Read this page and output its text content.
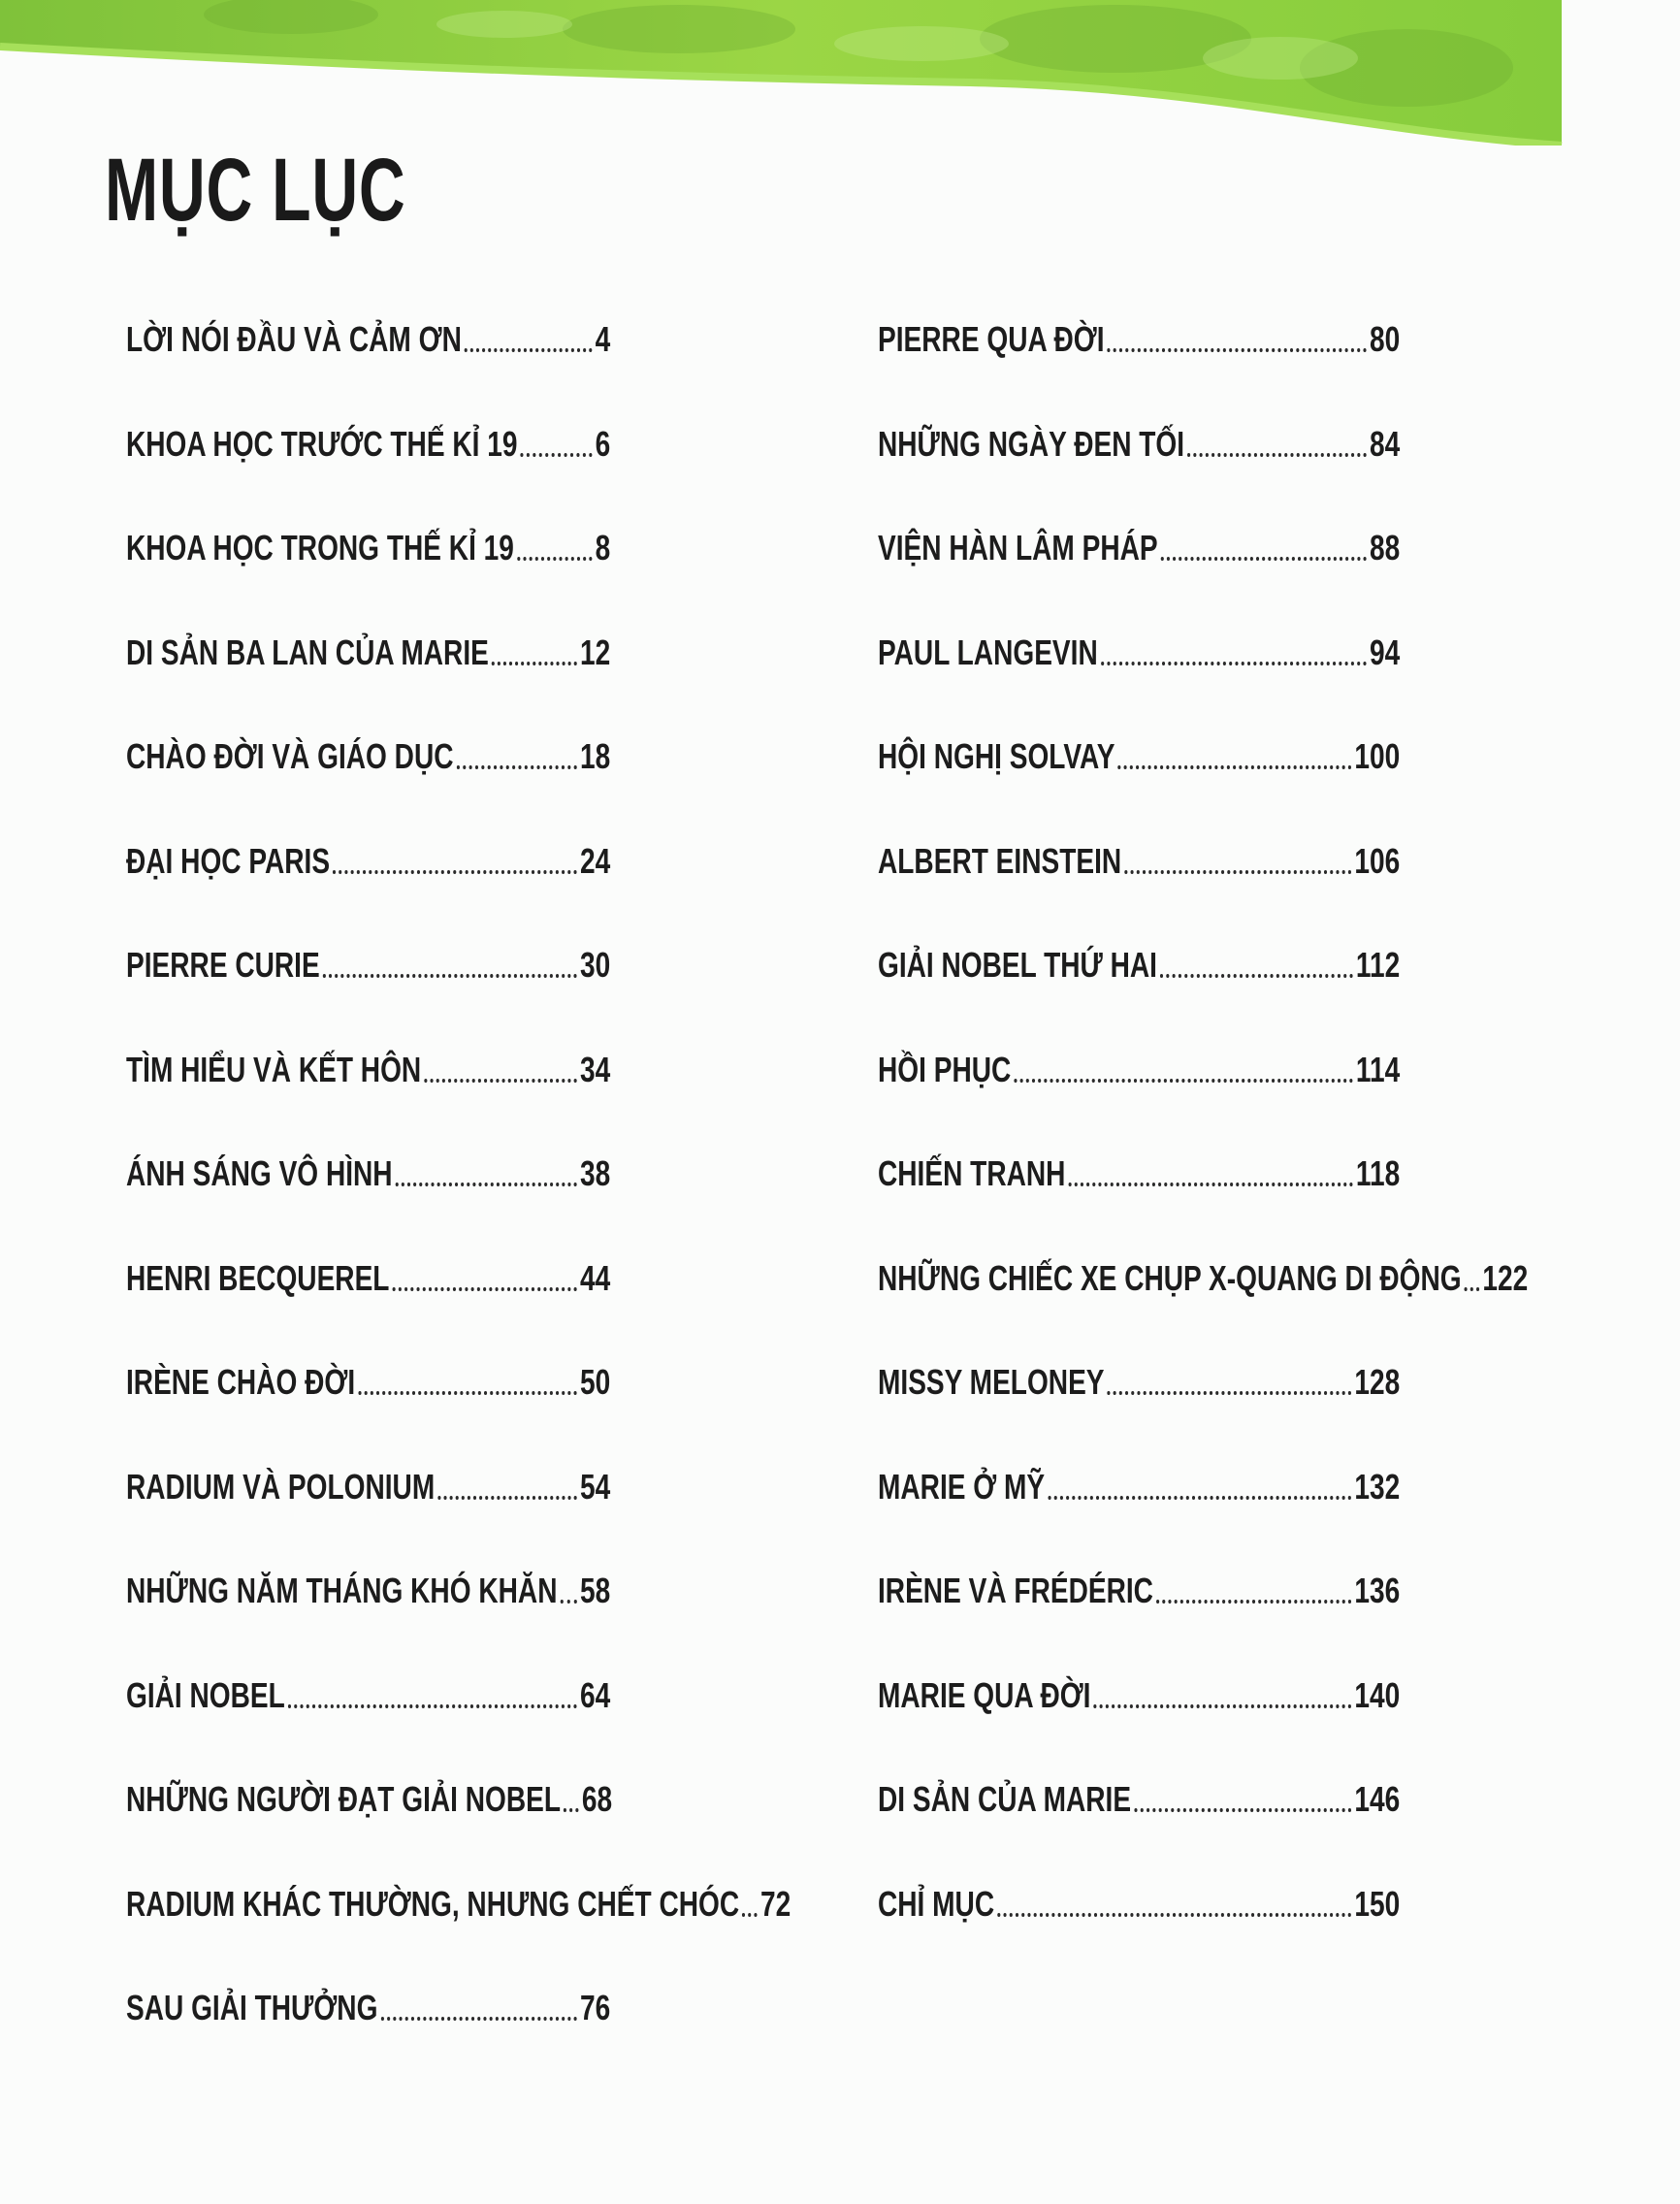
MỤC LỤC
LỜI NÓI ĐẦU VÀ CẢM ƠN	4
KHOA HỌC TRƯỚC THẾ KỈ 19 6
KHOA HỌC TRONG THẾ KỈ 19 8
DI SẢN BA LAN CỦA MARIE	12
CHÀO ĐỜI VÀ GIÁO DỤC	18
ĐẠI HỌC PARIS	24
PIERRE CURIE	30
TÌM HIỂU VÀ KẾT HÔN	34
ÁNH SÁNG VÔ HÌNH	38
HENRI BECQUEREL	44
IRÈNE CHÀO ĐỜI	50
RADIUM VÀ POLONIUM	54
NHỮNG NĂM THÁNG KHÓ KHĂN 58
GIẢI NOBEL	64
NHỮNG NGƯỜI ĐẠT GIẢI NOBEL 68
RADIUM KHÁC THƯỜNG, NHƯNG CHẾT CHÓC 72
SAU GIẢI THƯỞNG	76
PIERRE QUA ĐỜI	80
NHỮNG NGÀY ĐEN TỐI	84
VIỆN HÀN LÂM PHÁP	88
PAUL LANGEVIN	94
HỘI NGHỊ SOLVAY	100
ALBERT EINSTEIN	106
GIẢI NOBEL THỨ HAI	112
HỒI PHỤC	114
CHIẾN TRANH	118
NHỮNG CHIẾC XE CHỤP X-QUANG DI ĐỘNG 122
MISSY MELONEY	128
MARIE Ở MỸ	132
IRÈNE VÀ FRÉDÉRIC	136
MARIE QUA ĐỜI	140
DI SẢN CỦA MARIE	146
CHỈ MỤC	150
